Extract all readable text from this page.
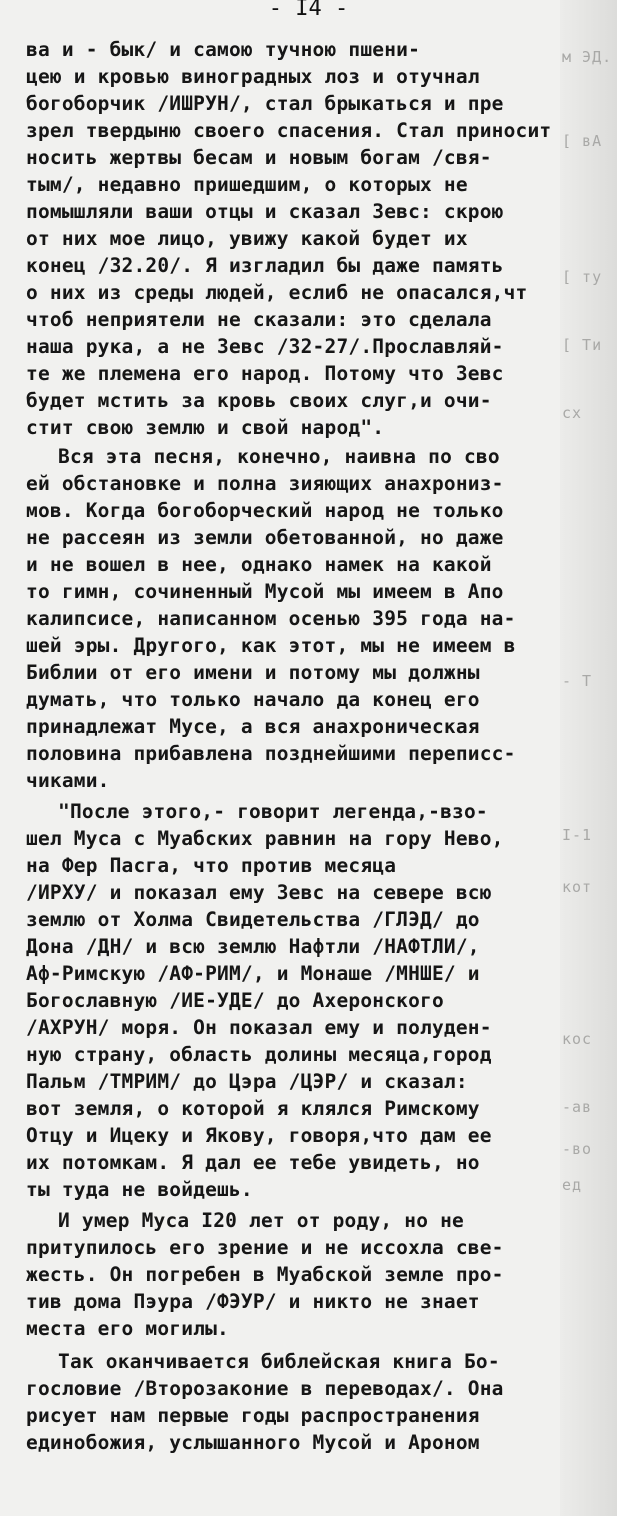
м ЭД.
[ вА
[ ту
[ Ти
сх
- Т
I-1
кот
кос
-ав
-во
ед
- I4 -
ва и - бык/ и самою тучною пшени-
цею и кровью виноградных лоз и отучнал
богоборчик /ИШРУН/, стал брыкаться и пре
зрел твердыню своего спасения. Стал приносит
носить жертвы бесам и новым богам /свя-
тым/, недавно пришедшим, о которых не
помышляли ваши отцы и сказал Зевс: скрою
от них мое лицо, увижу какой будет их
конец /32.20/. Я изгладил бы даже память
о них из среды людей, еслиб не опасался,чт
чтоб неприятели не сказали: это сделала
наша рука, а не Зевс /32-27/.Прославляй-
те же племена его народ. Потому что Зевс
будет мстить за кровь своих слуг,и очи-
стит свою землю и свой народ".
Вся эта песня, конечно, наивна по сво
ей обстановке и полна зияющих анахрониз-
мов. Когда богоборческий народ не только
не рассеян из земли обетованной, но даже
и не вошел в нее, однако намек на какой
то гимн, сочиненный Мусой мы имеем в Апо
калипсисе, написанном осенью 395 года на-
шей эры. Другого, как этот, мы не имеем в
Библии от его имени и потому мы должны
думать, что только начало да конец его
принадлежат Мусе, а вся анахроническая
половина прибавлена позднейшими переписс-
чиками.
"После этого,- говорит легенда,-взо-
шел Муса с Муабских равнин на гору Нево,
на Фер Пасга, что против месяца
/ИРХУ/ и показал ему Зевс на севере всю
землю от Холма Свидетельства /ГЛЭД/ до
Дона /ДН/ и всю землю Нафтли /НАФТЛИ/,
Аф-Римскую /АФ-РИМ/, и Монаше /МНШЕ/ и
Богославную /ИЕ-УДЕ/ до Ахеронского
/АХРУН/ моря. Он показал ему и полуден-
ную страну, область долины месяца,город
Пальм /ТМРИМ/ до Цэра /ЦЭР/ и сказал:
вот земля, о которой я клялся Римскому
Отцу и Ицеку и Якову, говоря,что дам ее
их потомкам. Я дал ее тебе увидеть, но
ты туда не войдешь.
И умер Муса I20 лет от роду, но не
притупилось его зрение и не иссохла све-
жесть. Он погребен в Муабской земле про-
тив дома Пэура /ФЭУР/ и никто не знает
места его могилы.
Так оканчивается библейская книга Бо-
гословие /Второзаконие в переводах/. Она
рисует нам первые годы распространения
единобожия, услышанного Мусой и Ароном
